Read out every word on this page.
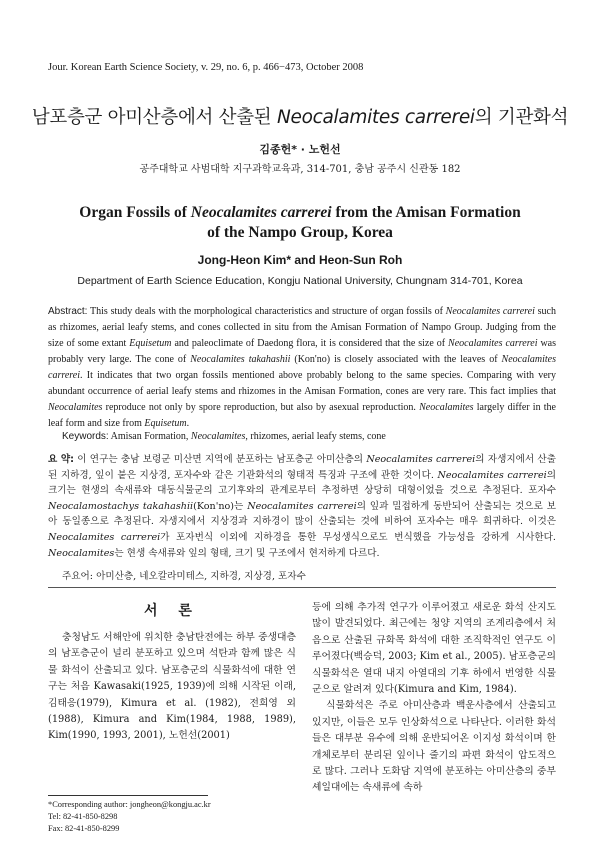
Jour. Korean Earth Science Society, v. 29, no. 6, p. 466−473, October 2008
남포층군 아미산층에서 산출된 Neocalamites carrerei의 기관화석
김종헌* · 노헌선
공주대학교 사범대학 지구과학교육과, 314-701, 충남 공주시 신관동 182
Organ Fossils of Neocalamites carrerei from the Amisan Formation
of the Nampo Group, Korea
Jong-Heon Kim* and Heon-Sun Roh
Department of Earth Science Education, Kongju National University, Chungnam 314-701, Korea
Abstract: This study deals with the morphological characteristics and structure of organ fossils of Neocalamites carrerei such as rhizomes, aerial leafy stems, and cones collected in situ from the Amisan Formation of Nampo Group. Judging from the size of some extant Equisetum and paleoclimate of Daedong flora, it is considered that the size of Neocalamites carrerei was probably very large. The cone of Neocalamites takahashii (Kon'no) is closely associated with the leaves of Neocalamites carrerei. It indicates that two organ fossils mentioned above probably belong to the same species. Comparing with very abundant occurrence of aerial leafy stems and rhizomes in the Amisan Formation, cones are very rare. This fact implies that Neocalamites reproduce not only by spore reproduction, but also by asexual reproduction. Neocalamites largely differ in the leaf form and size from Equisetum.
Keywords: Amisan Formation, Neocalamites, rhizomes, aerial leafy stems, cone
요 약: 이 연구는 충남 보령군 미산면 지역에 분포하는 남포층군 아미산층의 Neocalamites carrerei의 자생지에서 산출된 지하경, 잎이 붙은 지상경, 포자수와 같은 기관화석의 형태적 특징과 구조에 관한 것이다. Neocalamites carrerei의 크기는 현생의 속새류와 대동식물군의 고기후와의 관계로부터 추정하면 상당히 대형이었을 것으로 추정된다. 포자수 Neocalamostachys takahashii(Kon'no)는 Neocalamites carrerei의 잎과 밀접하게 동반되어 산출되는 것으로 보아 동일종으로 추정된다. 자생지에서 지상경과 지하경이 많이 산출되는 것에 비하여 포자수는 매우 희귀하다. 이것은 Neocalamites carrerei가 포자번식 이외에 지하경을 통한 무성생식으로도 번식했을 가능성을 강하게 시사한다. Neocalamites는 현생 속새류와 잎의 형태, 크기 및 구조에서 현저하게 다르다.
주요어: 아미산층, 네오칼라미테스, 지하경, 지상경, 포자수
서 론

충청남도 서해안에 위치한 충남탄전에는 하부 중생대층의 남포층군이 널리 분포하고 있으며 석탄과 함께 많은 식물 화석이 산출되고 있다. 남포층군의 식물화석에 대한 연구는 처음 Kawasaki(1925, 1939)에 의해 시작된 이래, 김태응(1979), Kimura et al. (1982), 전희영 외(1988), Kimura and Kim(1984, 1988, 1989), Kim(1990, 1993, 2001), 노헌선(2001)

등에 의해 추가적 연구가 이루어졌고 새로운 화석 산지도 많이 발견되었다. 최근에는 청양 지역의 조계리층에서 처음으로 산출된 규화목 화석에 대한 조직학적인 연구도 이루어졌다(백승덕, 2003; Kim et al., 2005). 남포층군의 식물화석은 열대 내지 아열대의 기후 하에서 번영한 식물군으로 알려져 있다(Kimura and Kim, 1984).

식물화석은 주로 아미산층과 백운사층에서 산출되고 있지만, 이들은 모두 인상화석으로 나타난다. 이러한 화석들은 대부분 유수에 의해 운반되어온 이지성 화석이며 한 개체로부터 분리된 잎이나 줄기의 파편 화석이 압도적으로 많다. 그러나 도화담 지역에 분포하는 아미산층의 중부 셰일대에는 속새류에 속하

*Corresponding author: jongheon@kongju.ac.kr
Tel: 82-41-850-8298
Fax: 82-41-850-8299
